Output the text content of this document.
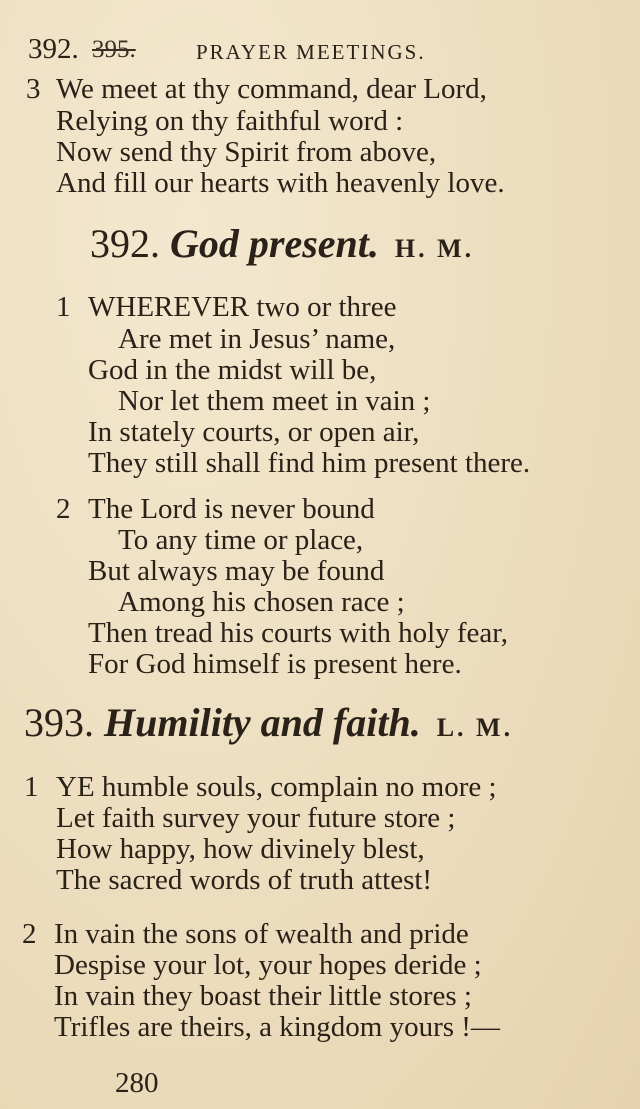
392. 395.	PRAYER MEETINGS.
3 We meet at thy command, dear Lord,
Relying on thy faithful word :
Now send thy Spirit from above,
And fill our hearts with heavenly love.
392. God present. H. M.
1 WHEREVER two or three
Are met in Jesus’ name,
God in the midst will be,
Nor let them meet in vain ;
In stately courts, or open air,
They still shall find him present there.
2 The Lord is never bound
To any time or place,
But always may be found
Among his chosen race ;
Then tread his courts with holy fear,
For God himself is present here.
393. Humility and faith. L. M.
1 YE humble souls, complain no more ;
Let faith survey your future store ;
How happy, how divinely blest,
The sacred words of truth attest!
2 In vain the sons of wealth and pride
Despise your lot, your hopes deride ;
In vain they boast their little stores ;
Trifles are theirs, a kingdom yours !—
280
